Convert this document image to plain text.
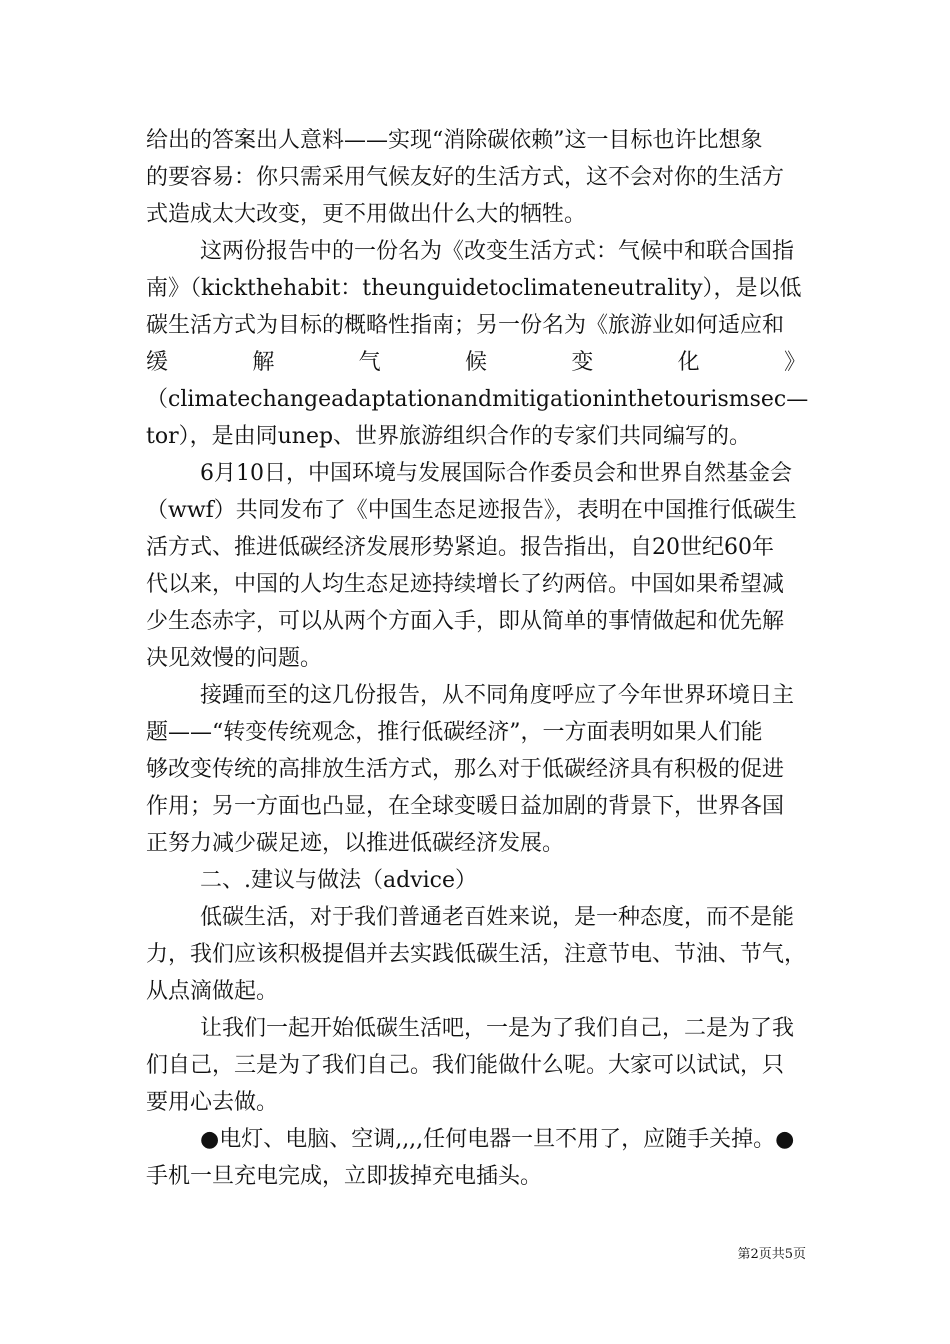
给出的答案出人意料——实现“消除碳依赖”这一目标也许比想象
的要容易：你只需采用气候友好的生活方式，这不会对你的生活方
式造成太大改变，更不用做出什么大的牺牲。
这两份报告中的一份名为《改变生活方式：气候中和联合国指
南》（kickthehabit：theunguidetoclimateneutrality），是以低
碳生活方式为目标的概略性指南；另一份名为《旅游业如何适应和
缓	解	气	候	变	化	》
（ climatechangeadaptationandmitigationinthetourismsec —
tor），是由同unep、世界旅游组织合作的专家们共同编写的。
6月10日，中国环境与发展国际合作委员会和世界自然基金会
（wwf）共同发布了《中国生态足迹报告》，表明在中国推行低碳生
活方式、推进低碳经济发展形势紧迫。报告指出，自20世纪60年
代以来，中国的人均生态足迹持续增长了约两倍。中国如果希望减
少生态赤字，可以从两个方面入手，即从简单的事情做起和优先解
决见效慢的问题。
接踵而至的这几份报告，从不同角度呼应了今年世界环境日主
题——“转变传统观念，推行低碳经济”，一方面表明如果人们能
够改变传统的高排放生活方式，那么对于低碳经济具有积极的促进
作用；另一方面也凸显，在全球变暖日益加剧的背景下，世界各国
正努力减少碳足迹，以推进低碳经济发展。
二、.建议与做法（advice）
低碳生活，对于我们普通老百姓来说，是一种态度，而不是能
力，我们应该积极提倡并去实践低碳生活，注意节电、节油、节气，
从点滴做起。
让我们一起开始低碳生活吧，一是为了我们自己，二是为了我
们自己，三是为了我们自己。我们能做什么呢。大家可以试试，只
要用心去做。
●电灯、电脑、空调,,,,任何电器一旦不用了，应随手关掉。●
手机一旦充电完成，立即拔掉充电插头。
第2页共5页
